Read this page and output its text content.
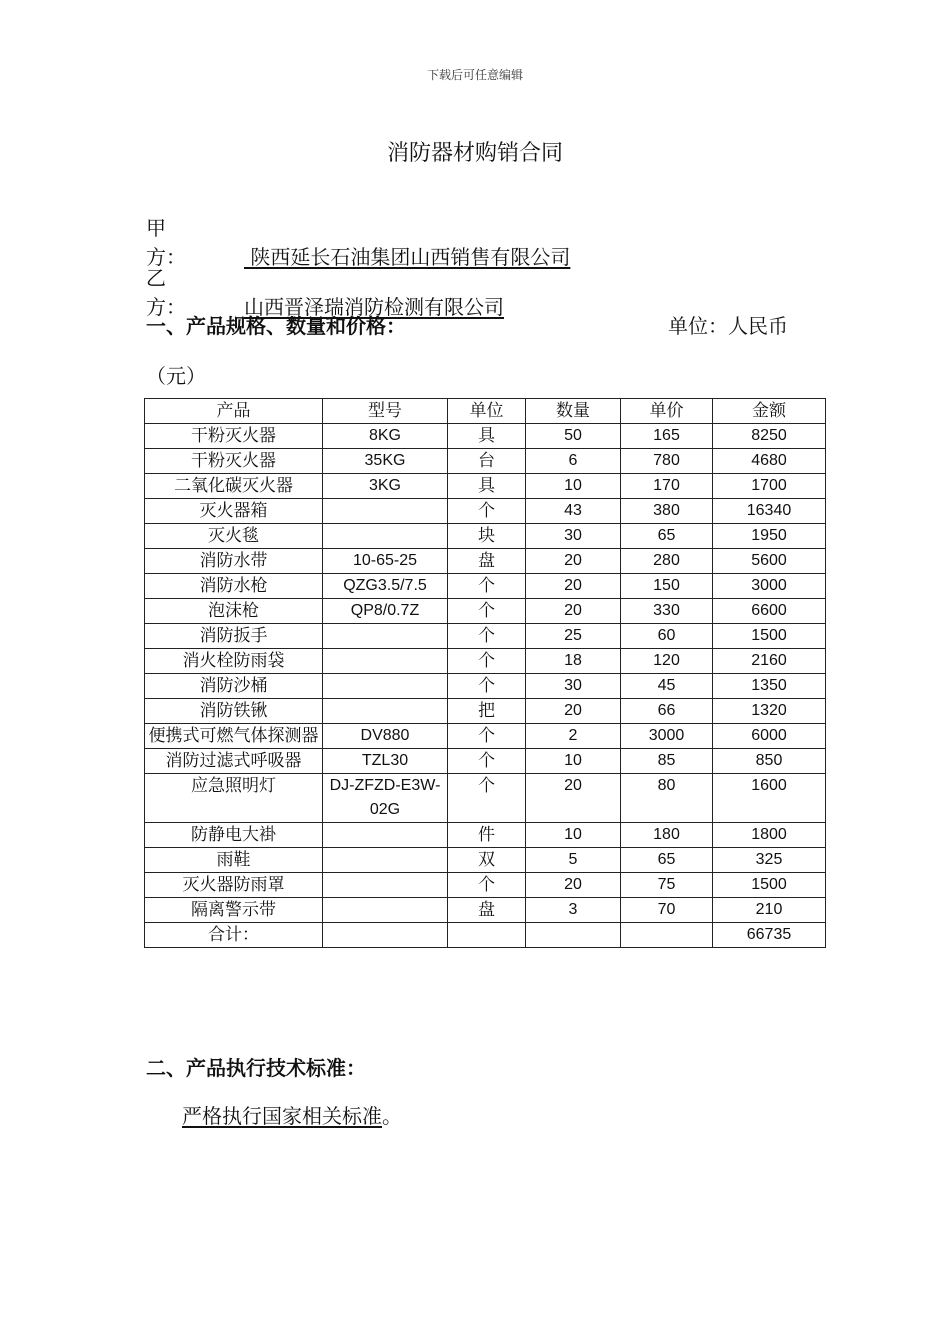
下载后可任意编辑
消防器材购销合同
甲　　方：	陕西延长石油集团山西销售有限公司
乙　　方：	山西晋泽瑞消防检测有限公司
一、产品规格、数量和价格：	单位：人民币
（元）
产品	型号	单位	数量	单价	金额
干粉灭火器	8KG	具	50	165	8250
干粉灭火器	35KG	台	6	780	4680
二氧化碳灭火器	3KG	具	10	170	1700
灭火器箱		个	43	380	16340
灭火毯		块	30	65	1950
消防水带	10-65-25	盘	20	280	5600
消防水枪	QZG3.5/7.5	个	20	150	3000
泡沫枪	QP8/0.7Z	个	20	330	6600
消防扳手		个	25	60	1500
消火栓防雨袋		个	18	120	2160
消防沙桶		个	30	45	1350
消防铁锹		把	20	66	1320
便携式可燃气体探测器	DV880	个	2	3000	6000
消防过滤式呼吸器	TZL30	个	10	85	850
应急照明灯	DJ-ZFZD-E3W-02G	个	20	80	1600
防静电大褂		件	10	180	1800
雨鞋		双	5	65	325
灭火器防雨罩		个	20	75	1500
隔离警示带		盘	3	70	210
合计：					66735
二、产品执行技术标准：
严格执行国家相关标准。
